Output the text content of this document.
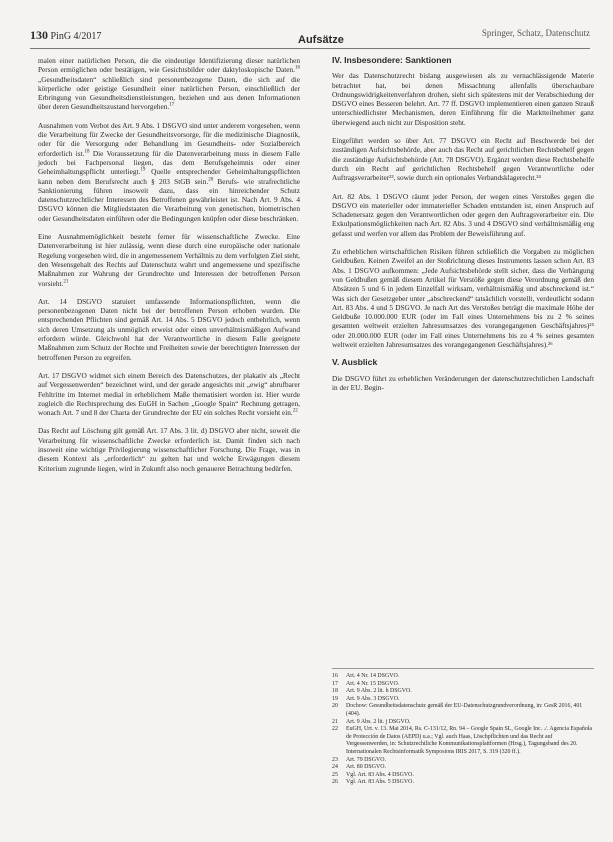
130 PinG 4/2017	Aufsätze
Springer, Schatz, Datenschutz

malen einer natürlichen Person, die die eindeutige Identifizierung dieser natürlichen Person ermöglichen oder bestätigen, wie Gesichtsbilder oder daktyloskopische Daten.$^{16}$ „Gesundheitsdaten“ schließlich sind personenbezogene Daten, die sich auf die körperliche oder geistige Gesundheit einer natürlichen Person, einschließlich der Erbringung von Gesundheitsdienstleistungen, beziehen und aus denen Informationen über deren Gesundheitszustand hervorgehen.$^{17}$

Ausnahmen vom Verbot des Art. 9 Abs. 1 DSGVO sind unter anderem vorgesehen, wenn die Verarbeitung für Zwecke der Gesundheitsvorsorge, für die medizinische Diagnostik, oder für die Versorgung oder Behandlung im Gesundheits- oder Sozialbereich erforderlich ist.$^{18}$ Die Voraussetzung für die Datenverarbeitung muss in diesem Falle jedoch bei Fachpersonal liegen, das dem Berufsgeheimnis oder einer Geheimhaltungspflicht unterliegt.$^{19}$ Quelle entsprechender Geheimhaltungspflichten kann neben dem Berufsrecht auch § 203 StGB sein.$^{20}$ Berufs- wie strafrechtliche Sanktionierung führen insoweit dazu, dass ein hinreichender Schutz datenschutzrechtlicher Interessen des Betroffenen gewährleistet ist. Nach Art. 9 Abs. 4 DSGVO können die Mitgliedstaaten die Verarbeitung von genetischen, biometrischen oder Gesundheitsdaten einführen oder die Bedingungen knüpfen oder diese beschränken.

Eine Ausnahmemöglichkeit besteht ferner für wissenschaftliche Zwecke. Eine Datenverarbeitung ist hier zulässig, wenn diese durch eine europäische oder nationale Regelung vorgesehen wird, die in angemessenem Verhältnis zu dem verfolgten Ziel steht, den Wesensgehalt des Rechts auf Datenschutz wahrt und angemessene und spezifische Maßnahmen zur Wahrung der Grundrechte und Interessen der betroffenen Person vorsieht.$^{21}$

Art. 14 DSGVO statuiert umfassende Informationspflichten, wenn die personenbezogenen Daten nicht bei der betroffenen Person erhoben wurden. Die entsprechenden Pflichten sind gemäß Art. 14 Abs. 5 DSGVO jedoch entbehrlich, wenn sich deren Umsetzung als unmöglich erweist oder einen unverhältnismäßigen Aufwand erfordern würde. Gleichwohl hat der Verantwortliche in diesem Falle geeignete Maßnahmen zum Schutz der Rechte und Freiheiten sowie der berechtigten Interessen der betroffenen Person zu ergreifen.

Art. 17 DSGVO widmet sich einem Bereich des Datenschutzes, der plakativ als „Recht auf Vergessenwerden“ bezeichnet wird, und der gerade angesichts mit „ewig“ abrufbarer Fehltritte im Internet medial in erheblichem Maße thematisiert worden ist. Hier wurde zugleich die Rechtsprechung des EuGH in Sachen „Google Spain“ Rechnung getragen, wonach Art. 7 und 8 der Charta der Grundrechte der EU ein solches Recht vorsieht ein.$^{22}$

Das Recht auf Löschung gilt gemäß Art. 17 Abs. 3 lit. d) DSGVO aber nicht, soweit die Verarbeitung für wissenschaftliche Zwecke erforderlich ist. Damit finden sich nach insoweit eine wichtige Privilegierung wissenschaftlicher Forschung. Die Frage, was in diesem Kontext als „erforderlich“ zu gelten hat und welche Erwägungen diesem Kriterium zugrunde liegen, wird in Zukunft also noch genauerer Betrachtung bedürfen.

IV. Insbesondere: Sanktionen

Wer das Datenschutzrecht bislang ausgewiesen als zu vernachlässigende Materie betrachtet hat, bei denen Missachtung allenfalls überschaubare Ordnungswidrigkeitenverfahren drohen, sieht sich spätestens mit der Verabschiedung der DSGVO eines Besseren belehrt. Art. 77 ff. DSGVO implementieren einen ganzen Strauß unterschiedlichster Mechanismen, deren Einführung für die Marktteilnehmer ganz überwiegend auch nicht zur Disposition steht.

Eingeführt werden so über Art. 77 DSGVO ein Recht auf Beschwerde bei der zuständigen Aufsichtsbehörde, aber auch das Recht auf gerichtlichen Rechtsbehelf gegen die zuständige Aufsichtsbehörde (Art. 78 DSGVO). Ergänzt werden diese Rechtsbehelfe durch ein Recht auf gerichtlichen Rechtsbehelf gegen Verantwortliche oder Auftragsverarbeiter²³, sowie durch ein optionales Verbandsklagerecht.²⁴

Art. 82 Abs. 1 DSGVO räumt jeder Person, der wegen eines Verstoßes gegen die DSGVO ein materieller oder immaterieller Schaden entstanden ist, einen Anspruch auf Schadenersatz gegen den Verantwortlichen oder gegen den Auftragsverarbeiter ein. Die Exkulpationsmöglichkeiten nach Art. 82 Abs. 3 und 4 DSGVO sind verhältnismäßig eng gefasst und werfen vor allem das Problem der Beweisführung auf.

Zu erheblichen wirtschaftlichen Risiken führen schließlich die Vorgaben zu möglichen Geldbußen. Keinen Zweifel an der Stoßrichtung dieses Instruments lassen schon Art. 83 Abs. 1 DSGVO aufkommen: „Jede Aufsichtsbehörde stellt sicher, dass die Verhängung von Geldbußen gemäß diesem Artikel für Verstöße gegen diese Verordnung gemäß den Absätzen 5 und 6 in jedem Einzelfall wirksam, verhältnismäßig und abschreckend ist.“ Was sich der Gesetzgeber unter „abschreckend“ tatsächlich vorstellt, verdeutlicht sodann Art. 83 Abs. 4 und 5 DSGVO. Je nach Art des Verstoßes beträgt die maximale Höhe der Geldbuße 10.000.000 EUR (oder im Fall eines Unternehmens bis zu 2 % seines gesamten weltweit erzielten Jahresumsatzes des vorangegangenen Geschäftsjahres)²⁵ oder 20.000.000 EUR (oder im Fall eines Unternehmens bis zu 4 % seines gesamten weltweit erzielten Jahresumsatzes des vorangegangenen Geschäftsjahres).²⁶

V. Ausblick

Die DSGVO führt zu erheblichen Veränderungen der datenschutzrechtlichen Landschaft in der EU. Begin-

16	Art. 4 Nr. 14 DSGVO.
17	Art. 4 Nr. 15 DSGVO.
18	Art. 9 Abs. 2 lit. h DSGVO.
19	Art. 9 Abs. 3 DSGVO.
20	Dochow: Gesundheitsdatenschutz gemäß der EU-Datenschutzgrundverordnung, in: GesR 2016, 401 (404).
21	Art. 9 Abs. 2 lit. j DSGVO.
22	EuGH, Urt. v. 13. Mai 2014, Rs. C-131/12, Rn. 94 – Google Spain SL, Google Inc. ./. Agencia Española de Protección de Datos (AEPD) u.a.; Vgl. auch Haas, Löschpflichten und das Recht auf Vergessenwerden, in: Schutzrechtliche Kommunikationsplattformen (Hrsg.), Tagungsband des 20. Internationalen Rechtsinformatik Symposions IRIS 2017, S. 319 (320 ff.).
23	Art. 79 DSGVO.
24	Art. 80 DSGVO.
25	Vgl. Art. 83 Abs. 4 DSGVO.
26	Vgl. Art. 83 Abs. 5 DSGVO.
